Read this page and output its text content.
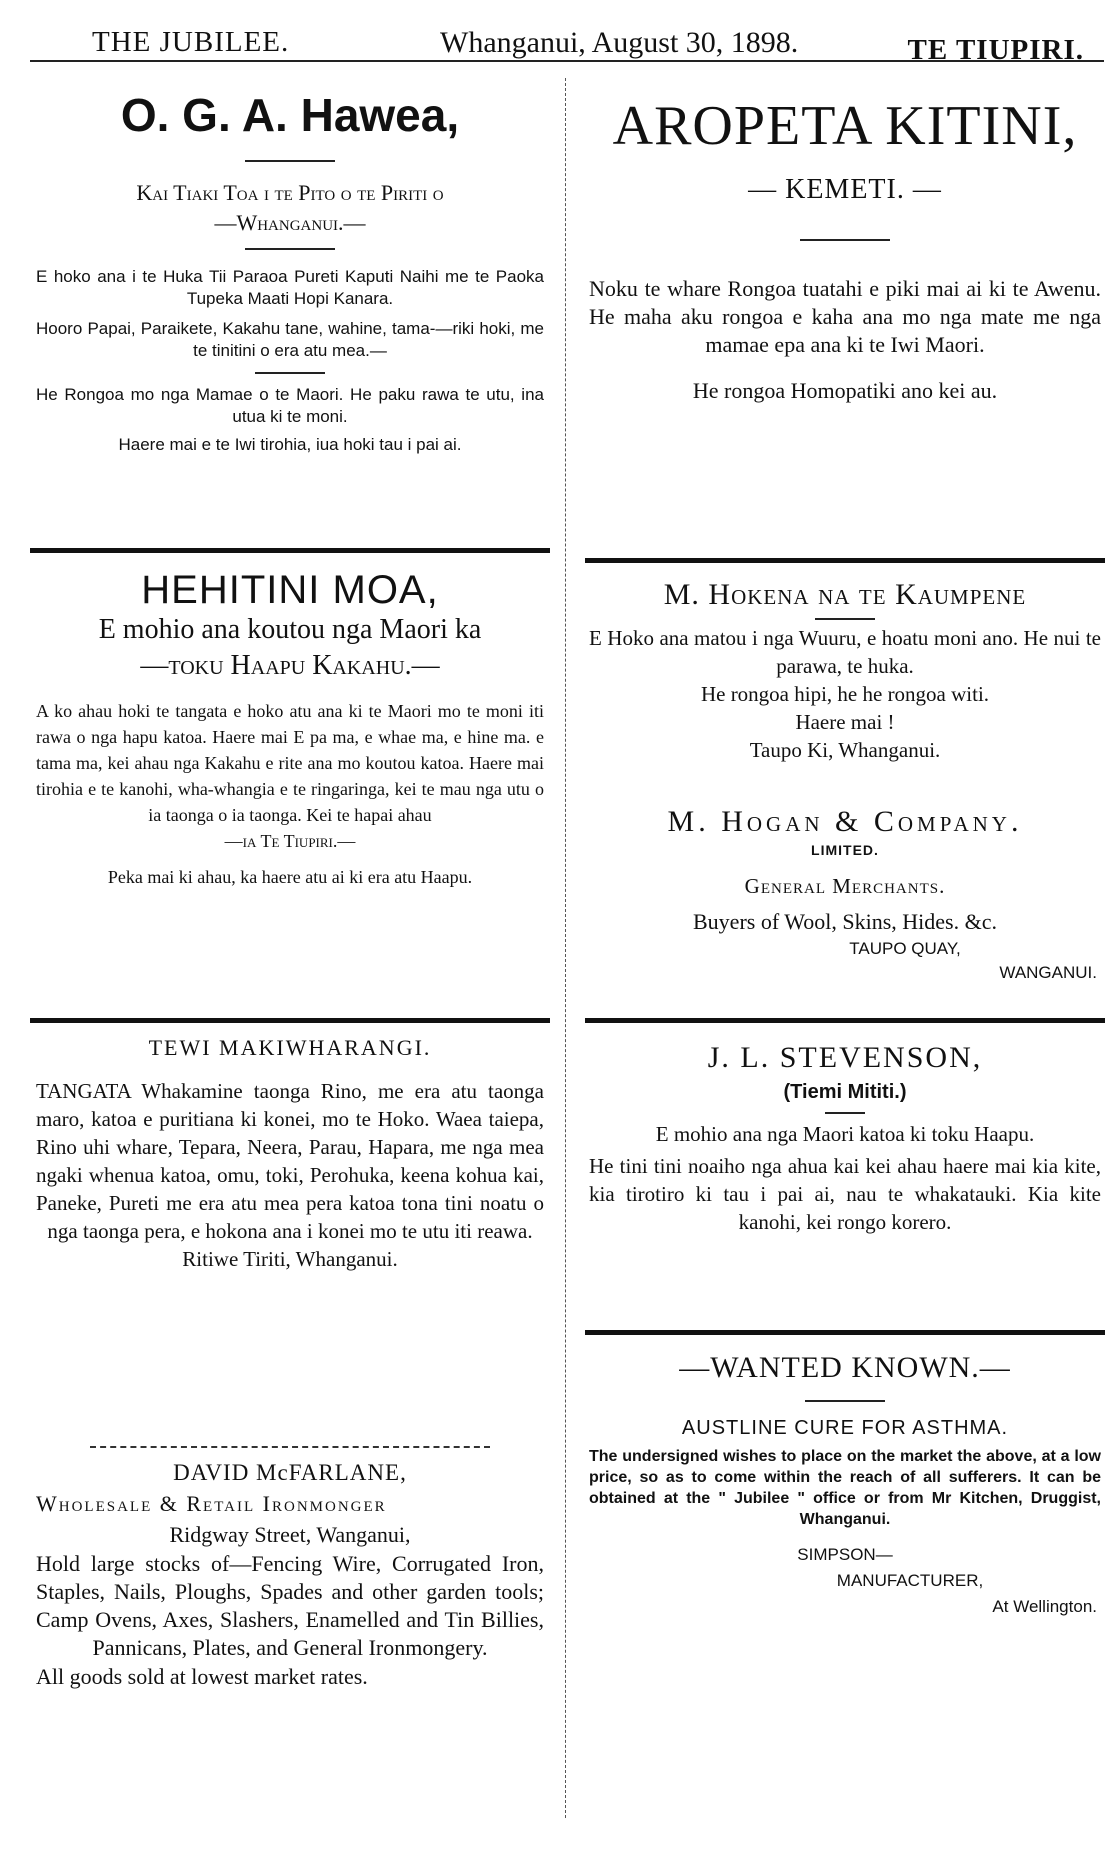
THE JUBILEE.	Whanganui, August 30, 1898.	TE TIUPIRI.
O. G. A. Hawea,
Kai Tiaki Toa i te Pito o te Piriti o
—Whanganui.—

E hoko ana i te Huka Tii Paraoa Pureti Kaputi Naihi me te Paoka Tupeka Maati Hopi Kanara.

Hooro Papai, Paraikete, Kakahu tane, wahine, tama-—riki hoki, me te tinitini o era atu mea.—

He Rongoa mo nga Mamae o te Maori. He paku rawa te utu, ina utua ki te moni.

Haere mai e te Iwi tirohia, iua hoki tau i pai ai.

HEHITINI MOA,
E mohio ana koutou nga Maori ka
—toku Haapu Kakahu.—

A ko ahau hoki te tangata e hoko atu ana ki te Maori mo te moni iti rawa o nga hapu katoa. Haere mai E pa ma, e whae ma, e hine ma. e tama ma, kei ahau nga Kakahu e rite ana mo koutou katoa. Haere mai tirohia e te kanohi, wha-whangia e te ringaringa, kei te mau nga utu o ia taonga o ia taonga. Kei te hapai ahau

—ia Te Tiupiri.—

Peka mai ki ahau, ka haere atu ai ki era atu Haapu.

TEWI MAKIWHARANGI.

TANGATA Whakamine taonga Rino, me era atu taonga maro, katoa e puritiana ki konei, mo te Hoko. Waea taiepa, Rino uhi whare, Tepara, Neera, Parau, Hapara, me nga mea ngaki whenua katoa, omu, toki, Perohuka, keena kohua kai, Paneke, Pureti me era atu mea pera katoa tona tini noatu o nga taonga pera, e hokona ana i konei mo te utu iti reawa.

Ritiwe Tiriti, Whanganui.

DAVID McFARLANE,
Wholesale & Retail Ironmonger
Ridgway Street, Wanganui,

Hold large stocks of—Fencing Wire, Corrugated Iron, Staples, Nails, Ploughs, Spades and other garden tools; Camp Ovens, Axes, Slashers, Enamelled and Tin Billies, Pannicans, Plates, and General Ironmongery.

All goods sold at lowest market rates.

AROPETA KITINI,
— KEMETI. —

Noku te whare Rongoa tuatahi e piki mai ai ki te Awenu. He maha aku rongoa e kaha ana mo nga mate me nga mamae epa ana ki te Iwi Maori.

He rongoa Homopatiki ano kei au.

M. Hokena na te Kaumpene

E Hoko ana matou i nga Wuuru, e hoatu moni ano. He nui te parawa, te huka.

He rongoa hipi, he he rongoa witi.

Haere mai !

Taupo Ki, Whanganui.

M. Hogan & Company.
LIMITED.
General Merchants.

Buyers of Wool, Skins, Hides. &c.

TAUPO QUAY,

WANGANUI.

J. L. STEVENSON,
(Tiemi Mititi.)

E mohio ana nga Maori katoa ki toku Haapu.

He tini tini noaiho nga ahua kai kei ahau haere mai kia kite, kia tirotiro ki tau i pai ai, nau te whakatauki. Kia kite kanohi, kei rongo korero.

—WANTED KNOWN.—
AUSTLINE CURE FOR ASTHMA.

The undersigned wishes to place on the market the above, at a low price, so as to come within the reach of all sufferers. It can be obtained at the " Jubilee " office or from Mr Kitchen, Druggist, Whanganui.

SIMPSON—

MANUFACTURER,

At Wellington.
